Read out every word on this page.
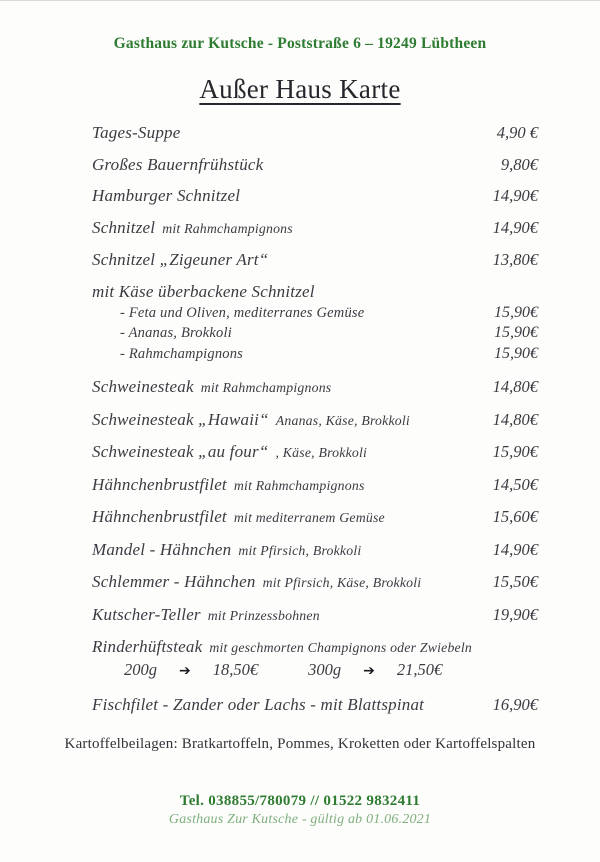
Gasthaus zur Kutsche - Poststraße 6 – 19249 Lübtheen
Außer Haus Karte
Tages-Suppe	4,90 €
Großes Bauernfrühstück	9,80€
Hamburger Schnitzel	14,90€
Schnitzel mit Rahmchampignons	14,90€
Schnitzel „Zigeuner Art“	13,80€
mit Käse überbackene Schnitzel
- Feta und Oliven, mediterranes Gemüse	15,90€
- Ananas, Brokkoli	15,90€
- Rahmchampignons	15,90€
Schweinesteak mit Rahmchampignons	14,80€
Schweinesteak „Hawaii“ Ananas, Käse, Brokkoli	14,80€
Schweinesteak „au four“ , Käse, Brokkoli	15,90€
Hähnchenbrustfilet mit Rahmchampignons	14,50€
Hähnchenbrustfilet mit mediterranem Gemüse	15,60€
Mandel - Hähnchen mit Pfirsich, Brokkoli	14,90€
Schlemmer - Hähnchen mit Pfirsich, Käse, Brokkoli	15,50€
Kutscher-Teller mit Prinzessbohnen	19,90€
Rinderhüftsteak mit geschmorten Champignons oder Zwiebeln
200g ➔ 18,50€	300g ➔ 21,50€
Fischfilet - Zander oder Lachs - mit Blattspinat	16,90€
Kartoffelbeilagen: Bratkartoffeln, Pommes, Kroketten oder Kartoffelspalten
Tel. 038855/780079 // 01522 9832411
Gasthaus Zur Kutsche - gültig ab 01.06.2021
